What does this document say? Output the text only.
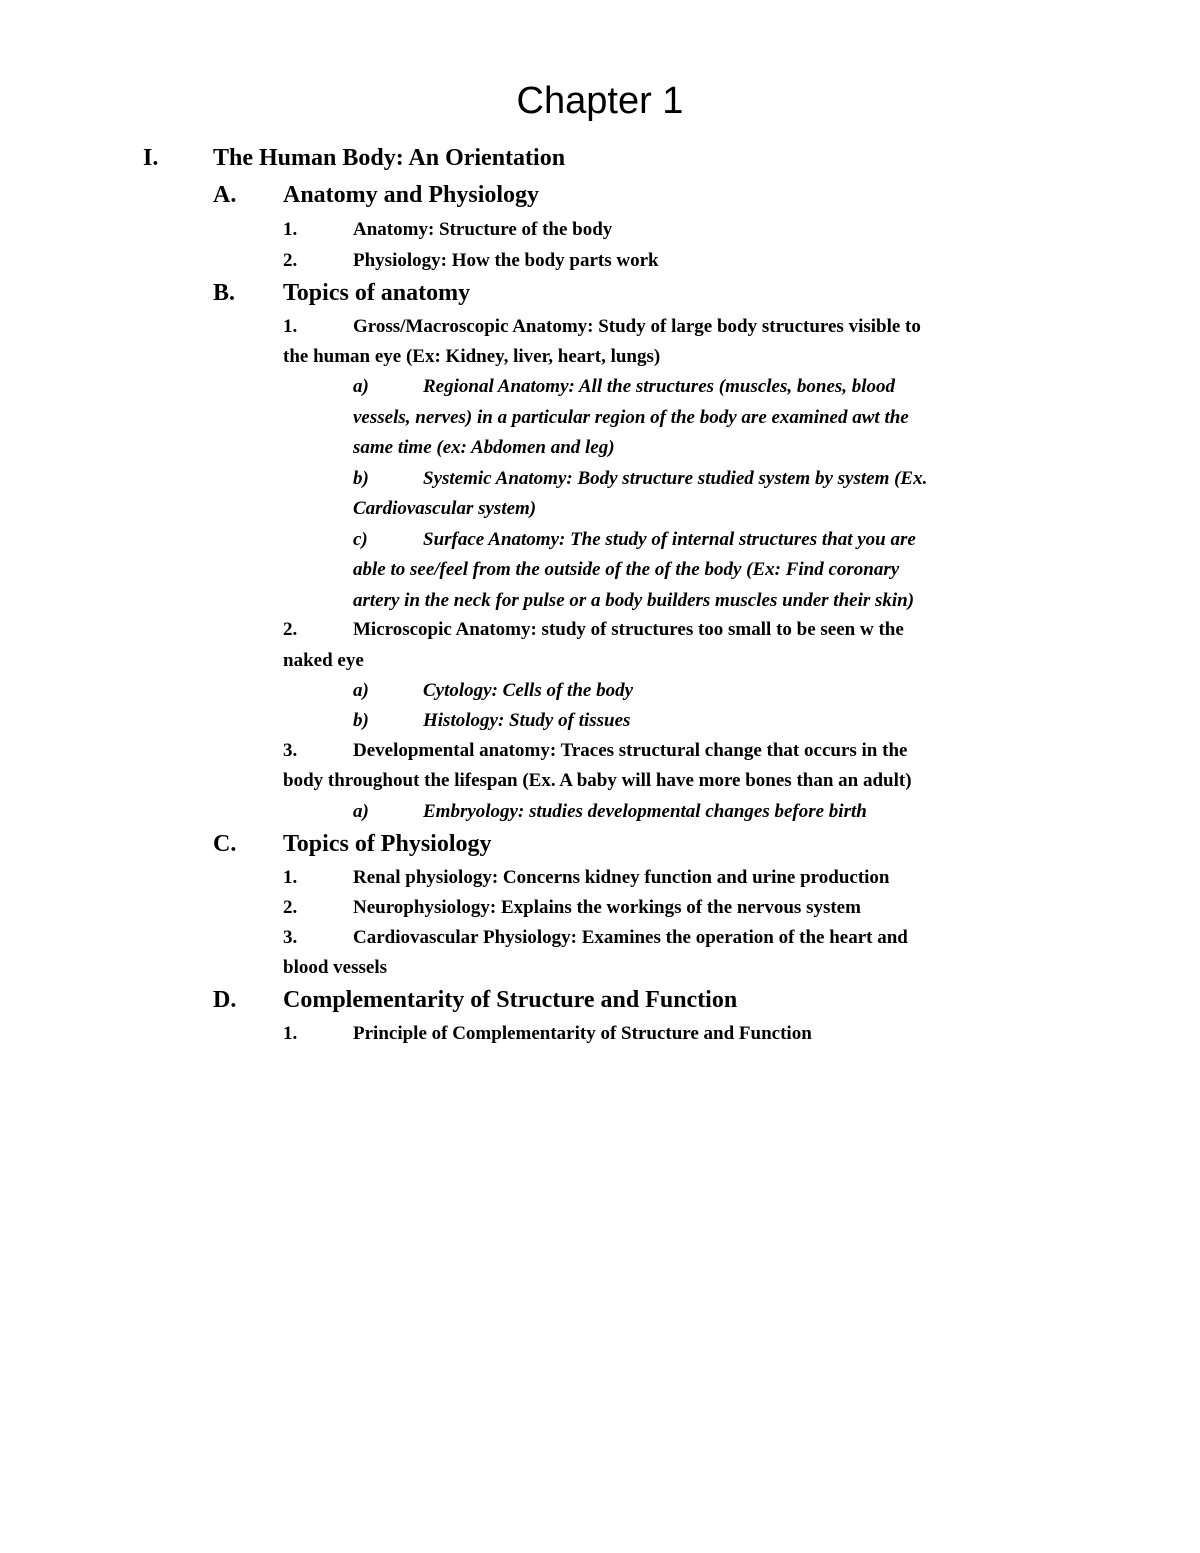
Chapter 1
I. The Human Body: An Orientation
A. Anatomy and Physiology
1.	Anatomy: Structure of the body
2.	Physiology: How the body parts work
B. Topics of anatomy
1.	Gross/Macroscopic Anatomy: Study of large body structures visible to
the human eye (Ex: Kidney, liver, heart, lungs)
a)	Regional Anatomy: All the structures (muscles, bones, blood
vessels, nerves) in a particular region of the body are examined awt the
same time (ex: Abdomen and leg)
b)	Systemic Anatomy: Body structure studied system by system (Ex.
Cardiovascular system)
c)	Surface Anatomy: The study of internal structures that you are
able to see/feel from the outside of the of the body (Ex: Find coronary
artery in the neck for pulse or a body builders muscles under their skin)
2.	Microscopic Anatomy: study of structures too small to be seen w the
naked eye
a)	Cytology: Cells of the body
b)	Histology: Study of tissues
3.	Developmental anatomy: Traces structural change that occurs in the
body throughout the lifespan (Ex. A baby will have more bones than an adult)
a)	Embryology: studies developmental changes before birth
C. Topics of Physiology
1.	Renal physiology: Concerns kidney function and urine production
2.	Neurophysiology: Explains the workings of the nervous system
3.	Cardiovascular Physiology: Examines the operation of the heart and
blood vessels
D. Complementarity of Structure and Function
1.	Principle of Complementarity of Structure and Function
